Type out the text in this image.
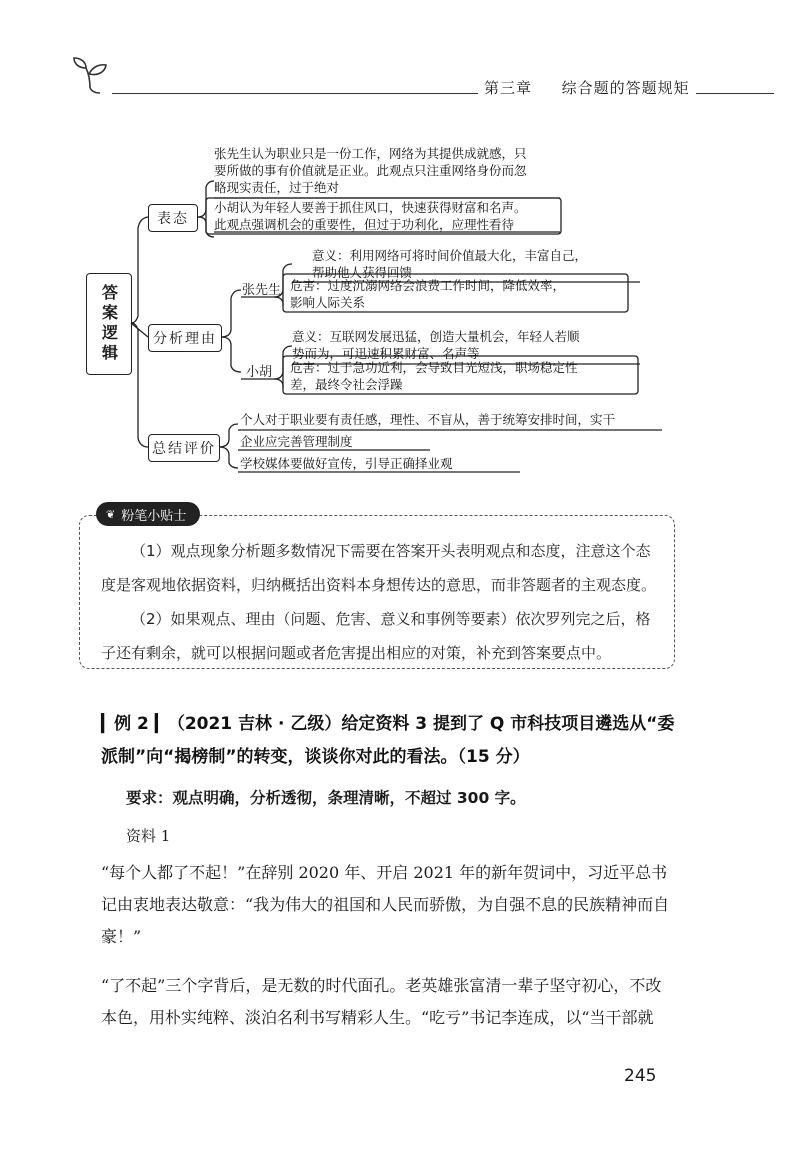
第三章 综合题的答题规矩
答案逻辑
表态
分析理由
总结评价
张先生认为职业只是一份工作，网络为其提供成就感，只
要所做的事有价值就是正业。此观点只注重网络身份而忽
略现实责任，过于绝对
小胡认为年轻人要善于抓住风口，快速获得财富和名声。
此观点强调机会的重要性，但过于功利化，应理性看待
张先生
小胡
意义：利用网络可将时间价值最大化，丰富自己，
帮助他人获得回馈
危害：过度沉溺网络会浪费工作时间，降低效率，
影响人际关系
意义：互联网发展迅猛，创造大量机会，年轻人若顺
势而为，可迅速积累财富、名声等
危害：过于急功近利，会导致目光短浅，职场稳定性
差，最终令社会浮躁
个人对于职业要有责任感，理性、不盲从，善于统筹安排时间，实干
企业应完善管理制度
学校媒体要做好宣传，引导正确择业观
❦ 粉笔小贴士
（1）观点现象分析题多数情况下需要在答案开头表明观点和态度，注意这个态度是客观地依据资料，归纳概括出资料本身想传达的意思，而非答题者的主观态度。
（2）如果观点、理由（问题、危害、意义和事例等要素）依次罗列完之后，格子还有剩余，就可以根据问题或者危害提出相应的对策，补充到答案要点中。
▎例 2 ▎（2021 吉林 · 乙级）给定资料 3 提到了 Q 市科技项目遴选从“委派制”向“揭榜制”的转变，谈谈你对此的看法。（15 分）
要求：观点明确，分析透彻，条理清晰，不超过 300 字。
资料 1
“每个人都了不起！”在辞别 2020 年、开启 2021 年的新年贺词中，习近平总书记由衷地表达敬意：“我为伟大的祖国和人民而骄傲，为自强不息的民族精神而自豪！”
“了不起”三个字背后，是无数的时代面孔。老英雄张富清一辈子坚守初心，不改本色，用朴实纯粹、淡泊名利书写精彩人生。“吃亏”书记李连成，以“当干部就
245
